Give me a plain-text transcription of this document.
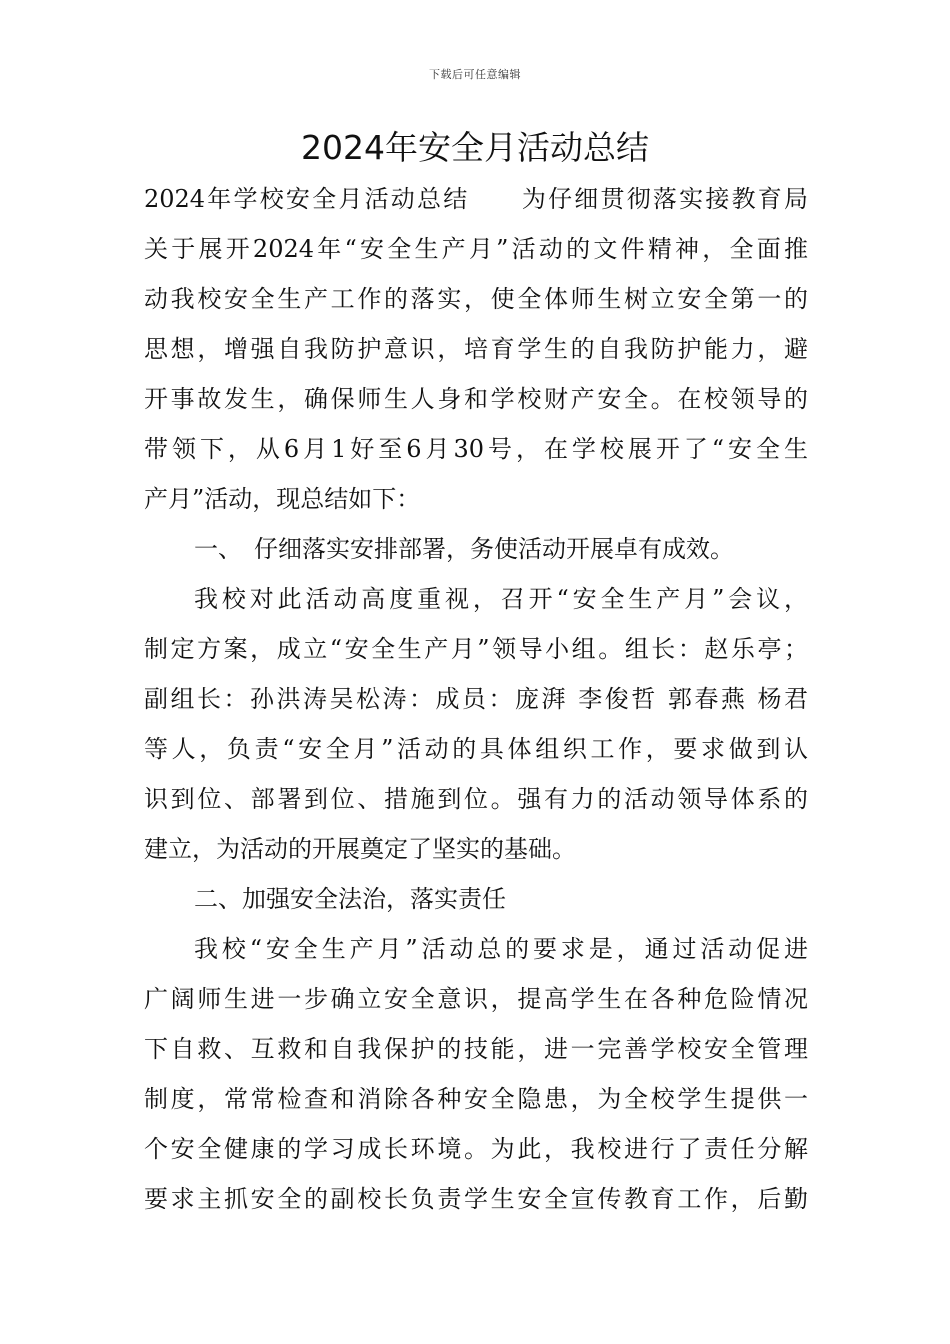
下载后可任意编辑
2024年安全月活动总结
2024年学校安全月活动总结　　为仔细贯彻落实接教育局
关于展开2024年“安全生产月”活动的文件精神，全面推
动我校安全生产工作的落实，使全体师生树立安全第一的
思想，增强自我防护意识，培育学生的自我防护能力，避
开事故发生，确保师生人身和学校财产安全。在校领导的
带领下，从6月1好至6月30号，在学校展开了“安全生
产月”活动，现总结如下：
一、　仔细落实安排部署，务使活动开展卓有成效。
我校对此活动高度重视，召开“安全生产月”会议，
制定方案，成立“安全生产月”领导小组。组长：赵乐亭；
副组长：孙洪涛吴松涛：成员：庞湃 李俊哲 郭春燕 杨君
等人，负责“安全月”活动的具体组织工作，要求做到认
识到位、部署到位、措施到位。强有力的活动领导体系的
建立，为活动的开展奠定了坚实的基础。
二、加强安全法治，落实责任
我校“安全生产月”活动总的要求是，通过活动促进
广阔师生进一步确立安全意识，提高学生在各种危险情况
下自救、互救和自我保护的技能，进一完善学校安全管理
制度，常常检查和消除各种安全隐患，为全校学生提供一
个安全健康的学习成长环境。为此，我校进行了责任分解
要求主抓安全的副校长负责学生安全宣传教育工作，后勤
